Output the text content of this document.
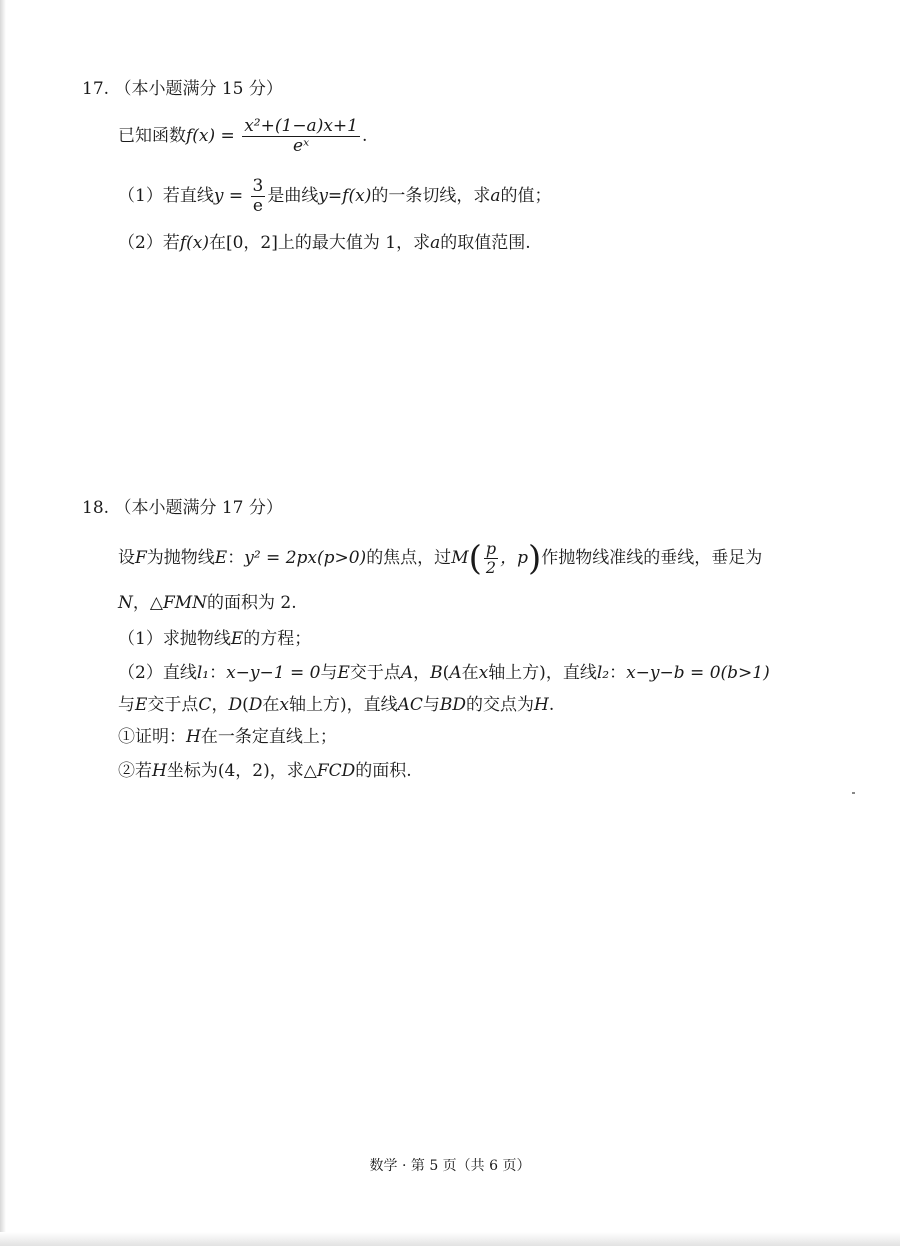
17. （本小题满分 15 分）
已知函数$f(x) = \frac{\text{x²+(1−a)x+1}}{\text{eˣ}}$ .
（1）若直线$y = \frac{3}{e}$ 是曲线y=f(x)的一条切线，求a的值；
（2）若f(x)在[0，2]上的最大值为 1，求a的取值范围.
18. （本小题满分 17 分）
设F为抛物线E：y² = 2px(p>0)的焦点，过$M( \frac{p}{2}$ ，p)作抛物线准线的垂线，垂足为
N，△FMN的面积为 2.
（1）求抛物线E的方程；
（2）直线l₁：x−y−1 = 0与E交于点A，B(A在x轴上方)，直线l₂：x−y−b = 0(b>1)
与E交于点C，D(D在x轴上方)，直线AC与BD的交点为H.
①证明：H在一条定直线上；
②若H坐标为(4，2)，求△FCD的面积.
数学 · 第 5 页（共 6 页）
